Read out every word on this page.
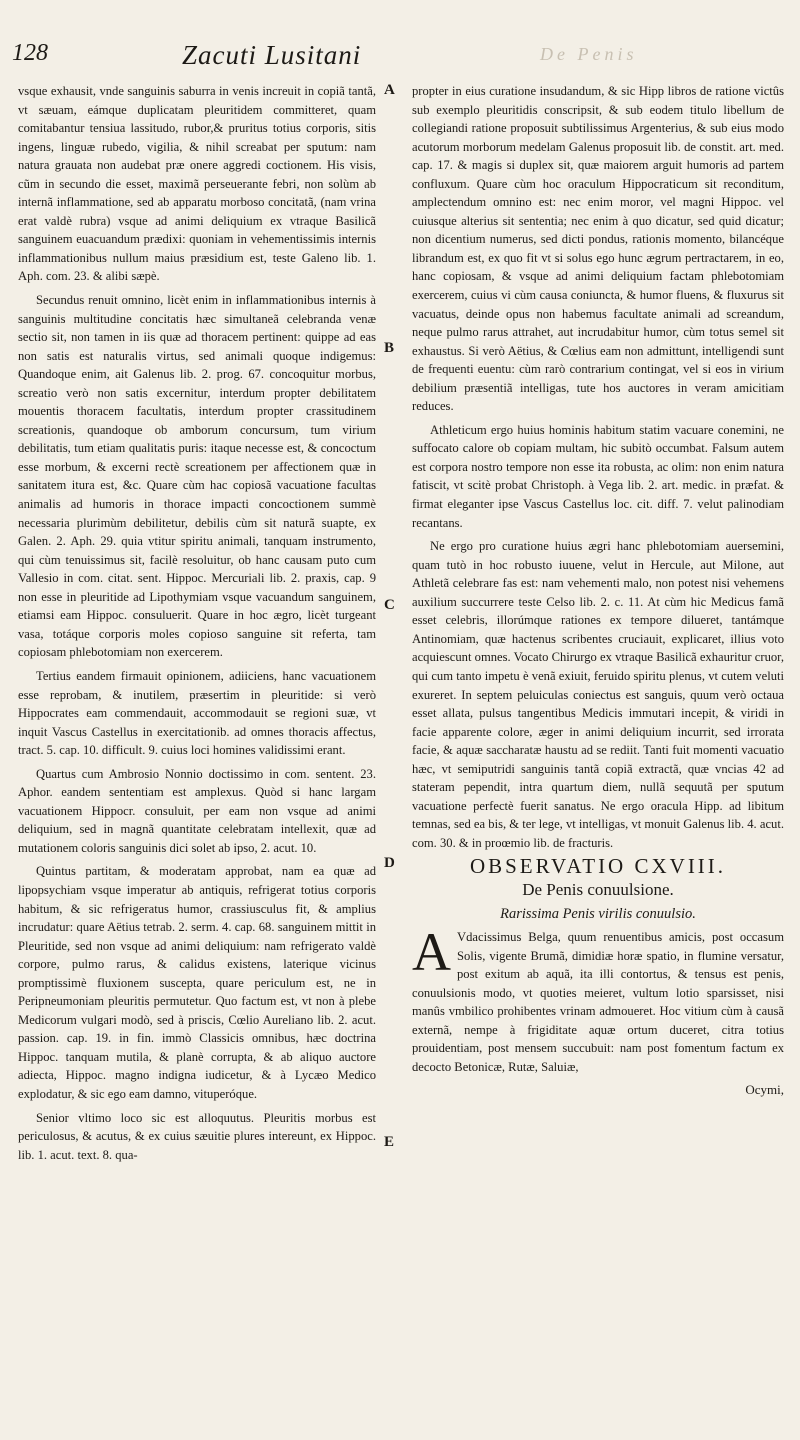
128	Zacuti Lusitani	De Penis

vsque exhausit, vnde sanguinis saburra in venis increuit in copiã tantã, vt sæuam, eámque duplicatam pleuritidem committeret, quam comitabantur tensiua lassitudo, rubor,& pruritus totius corporis, sitis ingens, linguæ rubedo, vigilia, & nihil screabat per sputum: nam natura grauata non audebat præ onere aggredi coctionem. His visis, cũm in secundo die esset, maximã perseuerante febri, non solùm ab internã inflammatione, sed ab apparatu morboso concitatã, (nam vrina erat valdè rubra) vsque ad animi deliquium ex vtraque Basilicã sanguinem euacuandum prædixi: quoniam in vehementissimis internis inflammationibus nullum maius præsidium est, teste Galeno lib. 1. Aph. com. 23. & alibi sæpè.

Secundus renuit omnino, licèt enim in inflammationibus internis à sanguinis multitudine concitatis hæc simultaneã celebranda venæ sectio sit, non tamen in iis quæ ad thoracem pertinent: quippe ad eas non satis est naturalis virtus, sed animali quoque indigemus: Quandoque enim, ait Galenus lib. 2. prog. 67. concoquitur morbus, screatio verò non satis excernitur, interdum propter debilitatem mouentis thoracem facultatis, interdum propter crassitudinem screationis, quandoque ob amborum concursum, tum virium debilitatis, tum etiam qualitatis puris: itaque necesse est, & concoctum esse morbum, & excerni rectè screationem per affectionem quæ in sanitatem itura est, &c. Quare cùm hac copiosã vacuatione facultas animalis ad humoris in thorace impacti concoctionem summè necessaria plurimùm debilitetur, debilis cùm sit naturã suapte, ex Galen. 2. Aph. 29. quia vtitur spiritu animali, tanquam instrumento, qui cùm tenuissimus sit, facilè resoluitur, ob hanc causam puto cum Vallesio in com. citat. sent. Hippoc. Mercuriali lib. 2. praxis, cap. 9 non esse in pleuritide ad Lipothymiam vsque vacuandum sanguinem, etiamsi eam Hippoc. consuluerit. Quare in hoc ægro, licèt turgeant vasa, totáque corporis moles copioso sanguine sit referta, tam copiosam phlebotomiam non exercerem.

Tertius eandem firmauit opinionem, adiiciens, hanc vacuationem esse reprobam, & inutilem, præsertim in pleuritide: si verò Hippocrates eam commendauit, accommodauit se regioni suæ, vt inquit Vascus Castellus in exercitationib. ad omnes thoracis affectus, tract. 5. cap. 10. difficult. 9. cuius loci homines validissimi erant.

Quartus cum Ambrosio Nonnio doctissimo in com. sentent. 23. Aphor. eandem sententiam est amplexus. Quòd si hanc largam vacuationem Hippocr. consuluit, per eam non vsque ad animi deliquium, sed in magnã quantitate celebratam intellexit, quæ ad mutationem coloris sanguinis dici solet ab ipso, 2. acut. 10.

Quintus partitam, & moderatam approbat, nam ea quæ ad lipopsychiam vsque imperatur ab antiquis, refrigerat totius corporis habitum, & sic refrigeratus humor, crassiusculus fit, & amplius incrudatur: quare Aëtius tetrab. 2. serm. 4. cap. 68. sanguinem mittit in Pleuritide, sed non vsque ad animi deliquium: nam refrigerato valdè corpore, pulmo rarus, & calidus existens, laterique vicinus promptissimè fluxionem suscepta, quare periculum est, ne in Peripneumoniam pleuritis permutetur. Quo factum est, vt non à plebe Medicorum vulgari modò, sed à priscis, Cœlio Aureliano lib. 2. acut. passion. cap. 19. in fin. immò Classicis omnibus, hæc doctrina Hippoc. tanquam mutila, & planè corrupta, & ab aliquo auctore adiecta, Hippoc. magno indigna iudicetur, & à Lycæo Medico explodatur, & sic ego eam damno, vituperóque.

Senior vltimo loco sic est alloquutus. Pleuritis morbus est periculosus, & acutus, & ex cuius sæuitie plures intereunt, ex Hippoc. lib. 1. acut. text. 8. qua-

A
B
C
D
E

propter in eius curatione insudandum, & sic Hipp libros de ratione victûs sub exemplo pleuritidis conscripsit, & sub eodem titulo libellum de collegiandi ratione proposuit subtilissimus Argenterius, & sub eius modo acutorum morborum medelam Galenus proposuit lib. de constit. art. med. cap. 17. & magis si duplex sit, quæ maiorem arguit humoris ad partem confluxum. Quare cùm hoc oraculum Hippocraticum sit reconditum, amplectendum omnino est: nec enim moror, vel magni Hippoc. vel cuiusque alterius sit sententia; nec enim à quo dicatur, sed quid dicatur; non dicentium numerus, sed dicti pondus, rationis momento, bilancéque librandum est, ex quo fit vt si solus ego hunc ægrum pertractarem, in eo, hanc copiosam, & vsque ad animi deliquium factam phlebotomiam exercerem, cuius vi cùm causa coniuncta, & humor fluens, & fluxurus sit vacuatus, deinde opus non habemus facultate animali ad screandum, neque pulmo rarus attrahet, aut incrudabitur humor, cùm totus semel sit exhaustus. Si verò Aëtius, & Cœlius eam non admittunt, intelligendi sunt de frequenti euentu: cùm rarò contrarium contingat, vel si eos in virium debilium præsentiã intelligas, tute hos auctores in veram amicitiam reduces.

Athleticum ergo huius hominis habitum statim vacuare conemini, ne suffocato calore ob copiam multam, hic subitò occumbat. Falsum autem est corpora nostro tempore non esse ita robusta, ac olim: non enim natura fatiscit, vt scitè probat Christoph. à Vega lib. 2. art. medic. in præfat. & firmat eleganter ipse Vascus Castellus loc. cit. diff. 7. velut palinodiam recantans.

Ne ergo pro curatione huius ægri hanc phlebotomiam auersemini, quam tutò in hoc robusto iuuene, velut in Hercule, aut Milone, aut Athletã celebrare fas est: nam vehementi malo, non potest nisi vehemens auxilium succurrere teste Celso lib. 2. c. 11. At cùm hic Medicus famã esset celebris, illorúmque rationes ex tempore dilueret, tantámque Antinomiam, quæ hactenus scribentes cruciauit, explicaret, illius voto acquiescunt omnes. Vocato Chirurgo ex vtraque Basilicã exhauritur cruor, qui cum tanto impetu è venã exiuit, feruido spiritu plenus, vt cutem veluti exureret. In septem peluiculas coniectus est sanguis, quum verò octaua esset allata, pulsus tangentibus Medicis immutari incepit, & viridi in facie apparente colore, æger in animi deliquium incurrit, sed irrorata facie, & aquæ saccharatæ haustu ad se rediit. Tanti fuit momenti vacuatio hæc, vt semiputridi sanguinis tantã copiã extractã, quæ vncias 42 ad stateram pependit, intra quartum diem, nullã sequutã per sputum vacuatione perfectè fuerit sanatus. Ne ergo oracula Hipp. ad libitum temnas, sed ea bis, & ter lege, vt intelligas, vt monuit Galenus lib. 4. acut. com. 30. & in proœmio lib. de fracturis.

OBSERVATIO CXVIII.

De Penis conuulsione.

Rarissima Penis virilis conuulsio.

A Vdacissimus Belga, quum renuentibus amicis, post occasum Solis, vigente Brumã, dimidiæ horæ spatio, in flumine versatur, post exitum ab aquã, ita illi contortus, & tensus est penis, conuulsionis modo, vt quoties meieret, vultum lotio sparsisset, nisi manûs vmbilico prohibentes vrinam admoueret. Hoc vitium cùm à causã externã, nempe à frigiditate aquæ ortum duceret, citra totius prouidentiam, post mensem succubuit: nam post fomentum factum ex decocto Betonicæ, Rutæ, Saluiæ,

Ocymi,
